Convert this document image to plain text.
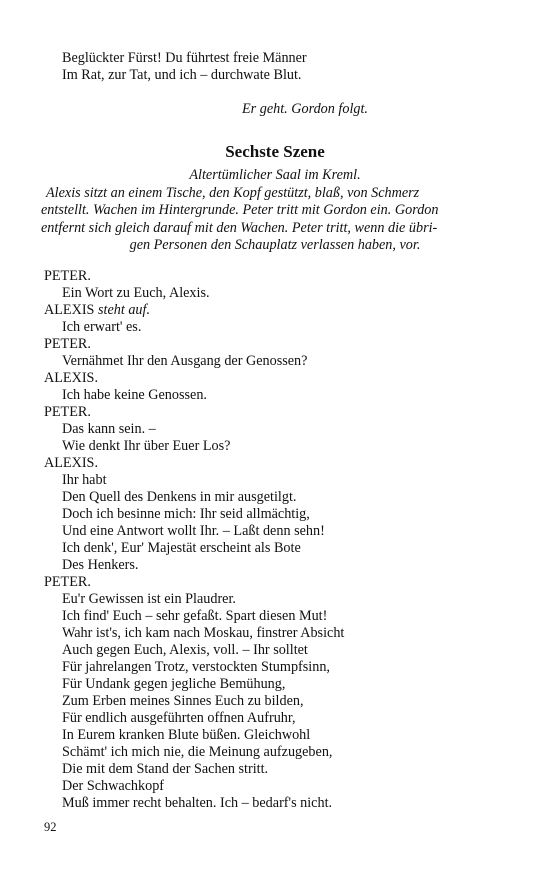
Beglückter Fürst! Du führtest freie Männer
Im Rat, zur Tat, und ich – durchwate Blut.
Er geht. Gordon folgt.
Sechste Szene
Altertümlicher Saal im Kreml.
Alexis sitzt an einem Tische, den Kopf gestützt, blaß, von Schmerz
entstellt. Wachen im Hintergrunde. Peter tritt mit Gordon ein. Gordon
entfernt sich gleich darauf mit den Wachen. Peter tritt, wenn die übri-
gen Personen den Schauplatz verlassen haben, vor.
PETER.
Ein Wort zu Euch, Alexis.
ALEXIS steht auf.
Ich erwart' es.
PETER.
Vernähmet Ihr den Ausgang der Genossen?
ALEXIS.
Ich habe keine Genossen.
PETER.
Das kann sein. –
Wie denkt Ihr über Euer Los?
ALEXIS.
Ihr habt
Den Quell des Denkens in mir ausgetilgt.
Doch ich besinne mich: Ihr seid allmächtig,
Und eine Antwort wollt Ihr. – Laßt denn sehn!
Ich denk', Eur' Majestät erscheint als Bote
Des Henkers.
PETER.
Eu'r Gewissen ist ein Plaudrer.
Ich find' Euch – sehr gefaßt. Spart diesen Mut!
Wahr ist's, ich kam nach Moskau, finstrer Absicht
Auch gegen Euch, Alexis, voll. – Ihr solltet
Für jahrelangen Trotz, verstockten Stumpfsinn,
Für Undank gegen jegliche Bemühung,
Zum Erben meines Sinnes Euch zu bilden,
Für endlich ausgeführten offnen Aufruhr,
In Eurem kranken Blute büßen. Gleichwohl
Schämt' ich mich nie, die Meinung aufzugeben,
Die mit dem Stand der Sachen stritt.
Der Schwachkopf
Muß immer recht behalten. Ich – bedarf's nicht.
92
